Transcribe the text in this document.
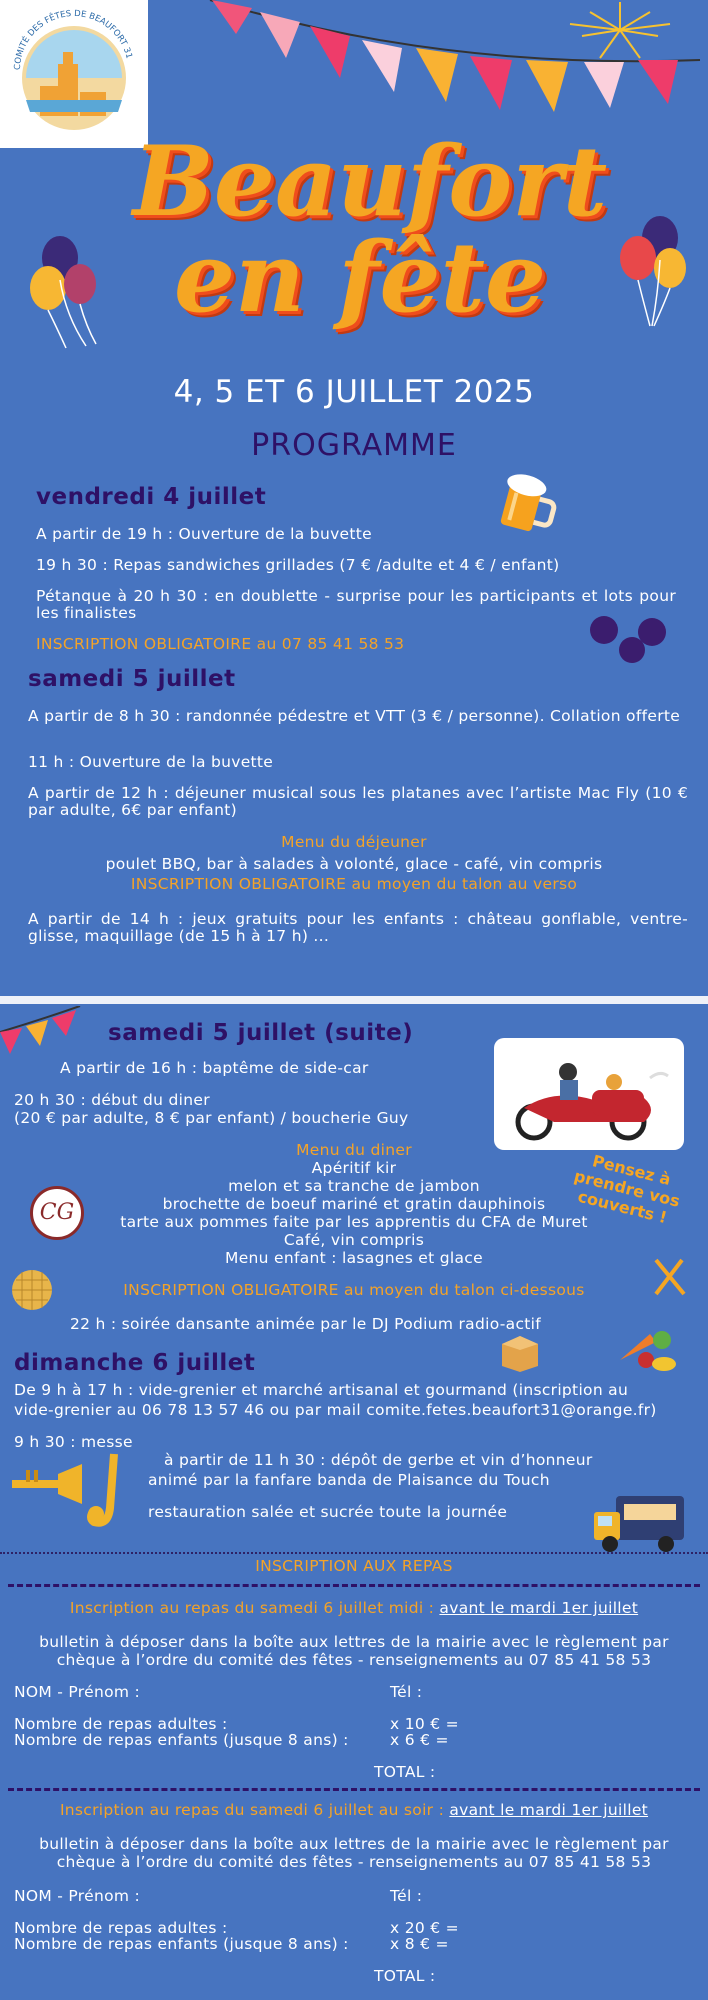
COMITÉ DES FÊTES DE BEAUFORT 31
Beaufort
en fête
4, 5 ET 6 JUILLET 2025
PROGRAMME
vendredi 4 juillet
A partir de 19 h : Ouverture de la buvette
19 h 30 : Repas sandwiches grillades (7 € /adulte et 4 € / enfant)
Pétanque à 20 h 30 : en doublette - surprise pour les participants et lots pour les finalistes
INSCRIPTION OBLIGATOIRE au 07 85 41 58 53
samedi 5 juillet
A partir de 8 h 30 : randonnée pédestre et VTT (3 € / personne). Collation offerte
11 h : Ouverture de la buvette
A partir de 12 h : déjeuner musical sous les platanes avec l’artiste Mac Fly (10 € par adulte, 6€ par enfant)
Menu du déjeuner
poulet BBQ, bar à salades à volonté, glace - café, vin compris
INSCRIPTION OBLIGATOIRE au moyen du talon au verso
A partir de 14 h : jeux gratuits pour les enfants : château gonflable, ventre-glisse, maquillage (de 15 h à 17 h) ...
samedi 5 juillet (suite)
A partir de 16 h : baptême de side-car
20 h 30 : début du diner
(20 € par adulte, 8 € par enfant) / boucherie Guy
Menu du diner
Apéritif kir
melon et sa tranche de jambon
brochette de boeuf mariné et gratin dauphinois
tarte aux pommes faite par les apprentis du CFA de Muret
Café, vin compris
Menu enfant : lasagnes et glace
CG
Pensez à prendre vos couverts !
INSCRIPTION OBLIGATOIRE au moyen du talon ci-dessous
22 h : soirée dansante animée par le DJ Podium radio-actif
dimanche 6 juillet
De 9 h à 17 h : vide-grenier et marché artisanal et gourmand (inscription au
vide-grenier au 06 78 13 57 46 ou par mail comite.fetes.beaufort31@orange.fr)
9 h 30 : messe
à partir de 11 h 30 : dépôt de gerbe et vin d’honneur
animé par la fanfare banda de Plaisance du Touch
restauration salée et sucrée toute la journée
INSCRIPTION AUX REPAS
Inscription au repas du samedi 6 juillet midi : avant le mardi 1er juillet
bulletin à déposer dans la boîte aux lettres de la mairie avec le règlement par
chèque à l’ordre du comité des fêtes - renseignements au 07 85 41 58 53
NOM - Prénom :	Tél :
Nombre de repas adultes :	x 10 € =
Nombre de repas enfants (jusque 8 ans) :	x 6 € =
TOTAL :
Inscription au repas du samedi 6 juillet au soir : avant le mardi 1er juillet
bulletin à déposer dans la boîte aux lettres de la mairie avec le règlement par
chèque à l’ordre du comité des fêtes - renseignements au 07 85 41 58 53
NOM - Prénom :	Tél :
Nombre de repas adultes :	x 20 € =
Nombre de repas enfants (jusque 8 ans) :	x 8 € =
TOTAL :
